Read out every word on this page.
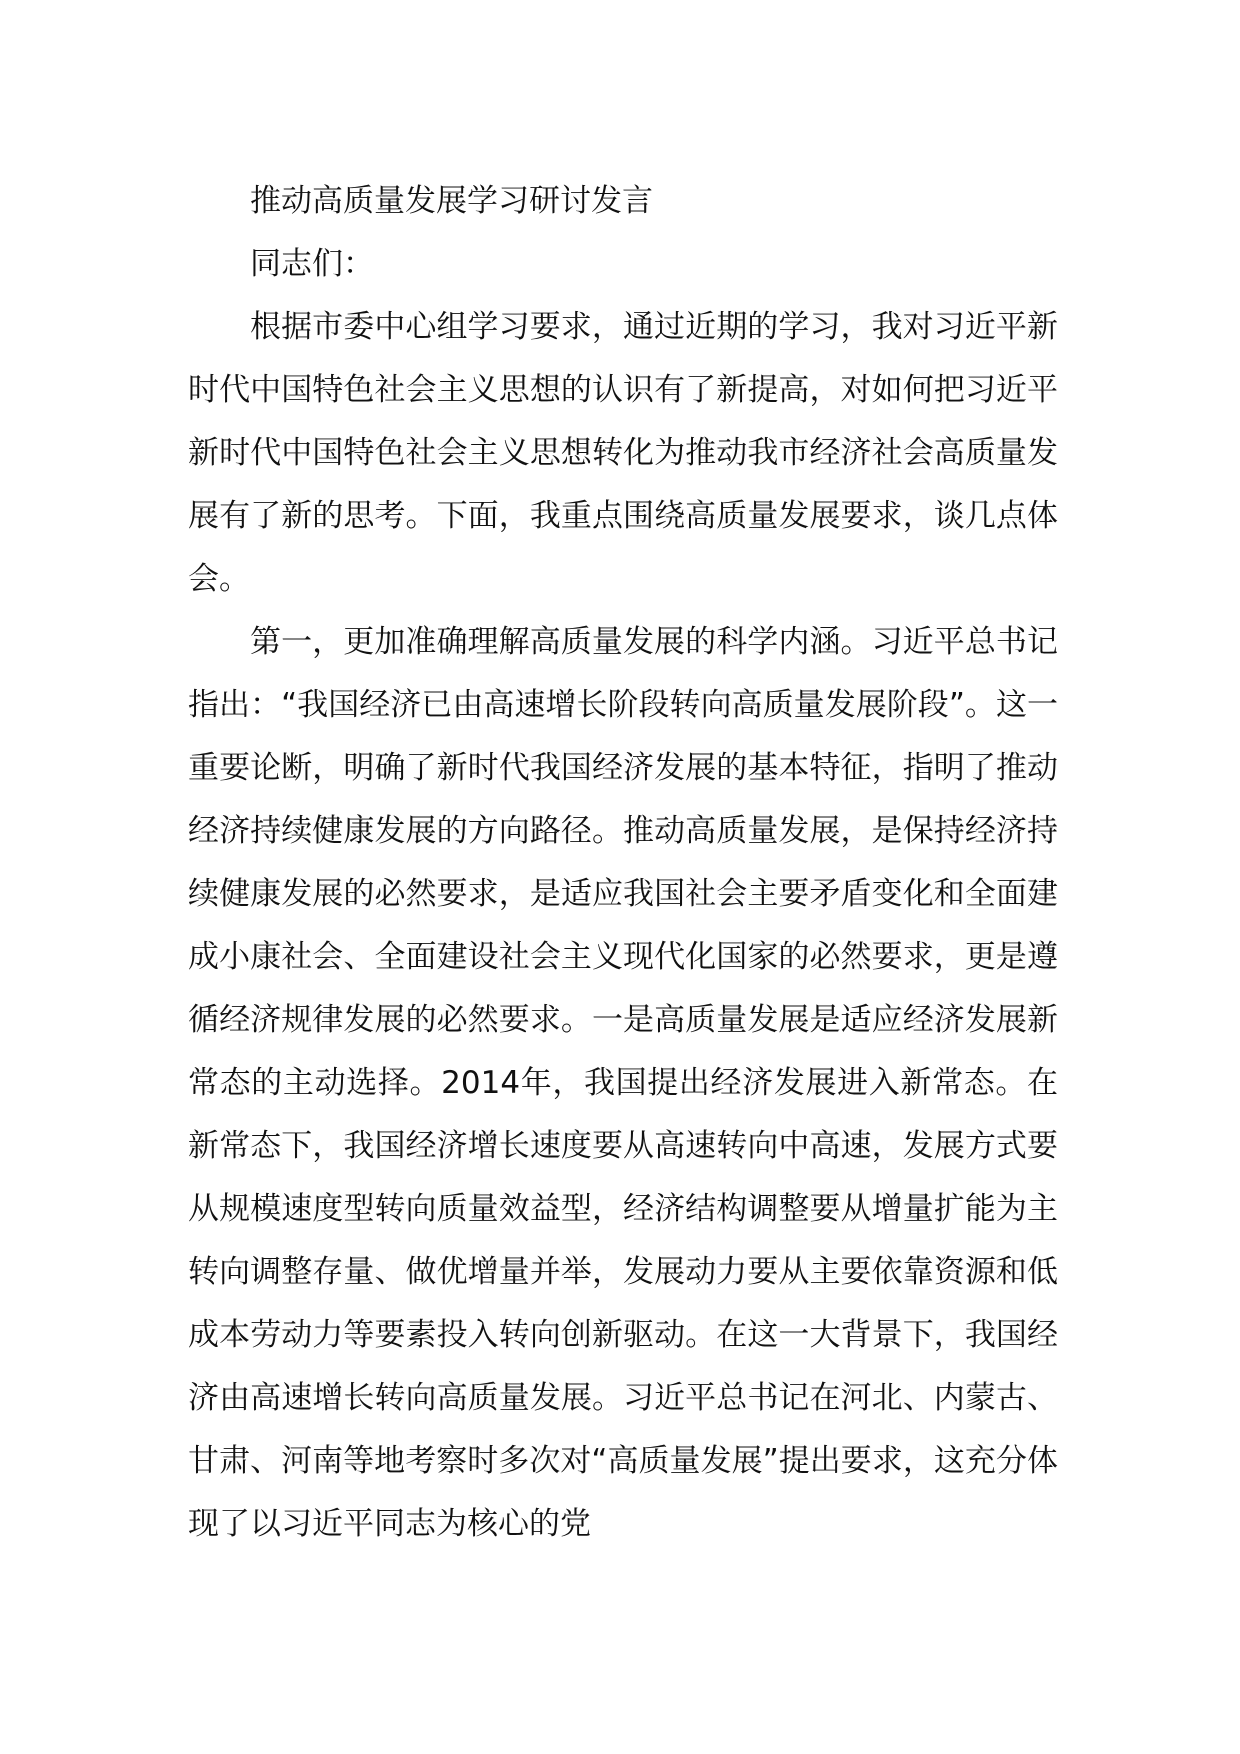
推动高质量发展学习研讨发言

同志们：

根据市委中心组学习要求，通过近期的学习，我对习近平新时代中国特色社会主义思想的认识有了新提高，对如何把习近平新时代中国特色社会主义思想转化为推动我市经济社会高质量发展有了新的思考。下面，我重点围绕高质量发展要求，谈几点体会。

第一，更加准确理解高质量发展的科学内涵。习近平总书记指出：“我国经济已由高速增长阶段转向高质量发展阶段”。这一重要论断，明确了新时代我国经济发展的基本特征，指明了推动经济持续健康发展的方向路径。推动高质量发展，是保持经济持续健康发展的必然要求，是适应我国社会主要矛盾变化和全面建成小康社会、全面建设社会主义现代化国家的必然要求，更是遵循经济规律发展的必然要求。一是高质量发展是适应经济发展新常态的主动选择。2014年，我国提出经济发展进入新常态。在新常态下，我国经济增长速度要从高速转向中高速，发展方式要从规模速度型转向质量效益型，经济结构调整要从增量扩能为主转向调整存量、做优增量并举，发展动力要从主要依靠资源和低成本劳动力等要素投入转向创新驱动。在这一大背景下，我国经济由高速增长转向高质量发展。习近平总书记在河北、内蒙古、甘肃、河南等地考察时多次对“高质量发展”提出要求，这充分体现了以习近平同志为核心的党
